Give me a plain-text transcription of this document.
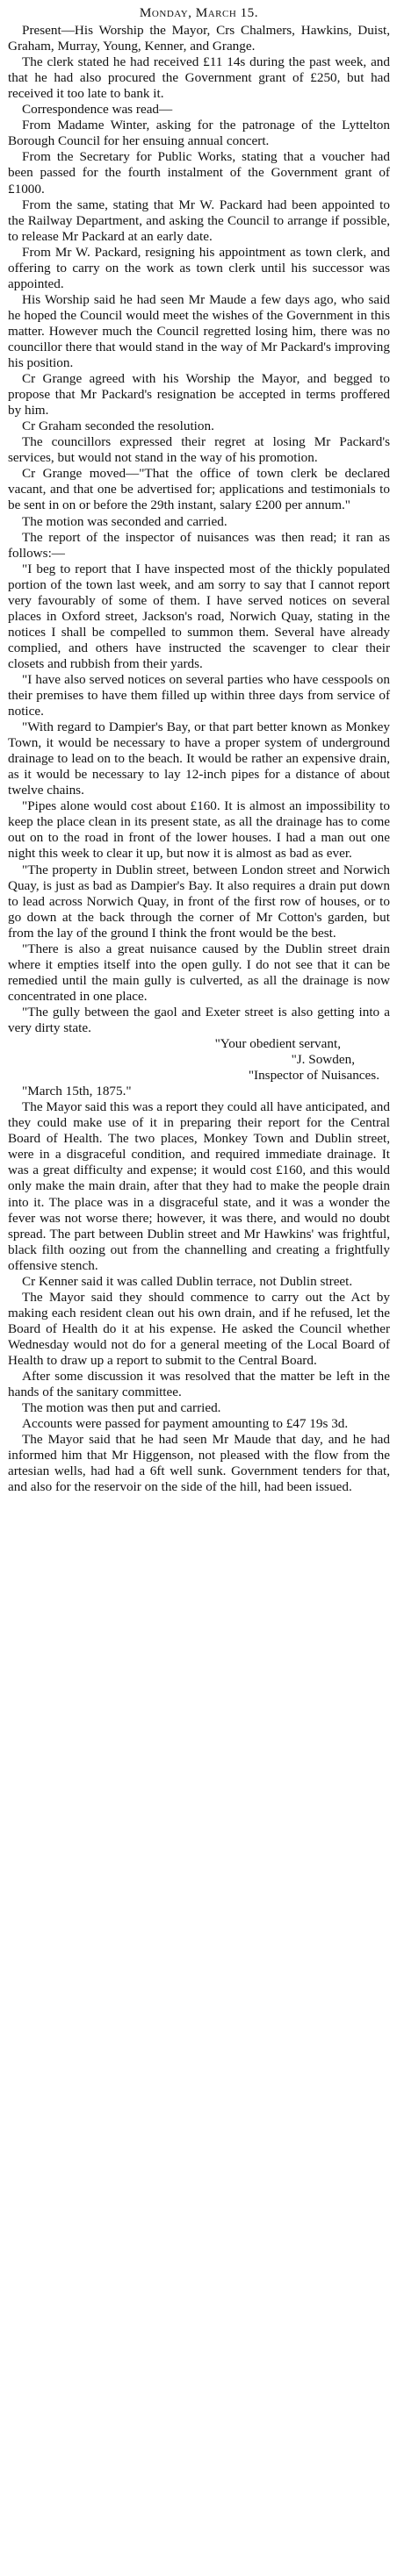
Monday, March 15.

Present—His Worship the Mayor, Crs Chalmers, Hawkins, Duist, Graham, Murray, Young, Kenner, and Grange.

The clerk stated he had received £11 14s during the past week, and that he had also procured the Government grant of £250, but had received it too late to bank it.

Correspondence was read—

From Madame Winter, asking for the patronage of the Lyttelton Borough Council for her ensuing annual concert.

From the Secretary for Public Works, stating that a voucher had been passed for the fourth instalment of the Government grant of £1000.

From the same, stating that Mr W. Packard had been appointed to the Railway Department, and asking the Council to arrange if possible, to release Mr Packard at an early date.

From Mr W. Packard, resigning his appointment as town clerk, and offering to carry on the work as town clerk until his successor was appointed.

His Worship said he had seen Mr Maude a few days ago, who said he hoped the Council would meet the wishes of the Government in this matter. However much the Council regretted losing him, there was no councillor there that would stand in the way of Mr Packard's improving his position.

Cr Grange agreed with his Worship the Mayor, and begged to propose that Mr Packard's resignation be accepted in terms proffered by him.

Cr Graham seconded the resolution.

The councillors expressed their regret at losing Mr Packard's services, but would not stand in the way of his promotion.

Cr Grange moved—"That the office of town clerk be declared vacant, and that one be advertised for; applications and testimonials to be sent in on or before the 29th instant, salary £200 per annum."

The motion was seconded and carried.

The report of the inspector of nuisances was then read; it ran as follows:—

"I beg to report that I have inspected most of the thickly populated portion of the town last week, and am sorry to say that I cannot report very favourably of some of them. I have served notices on several places in Oxford street, Jackson's road, Norwich Quay, stating in the notices I shall be compelled to summon them. Several have already complied, and others have instructed the scavenger to clear their closets and rubbish from their yards.

"I have also served notices on several parties who have cesspools on their premises to have them filled up within three days from service of notice.

"With regard to Dampier's Bay, or that part better known as Monkey Town, it would be necessary to have a proper system of underground drainage to lead on to the beach. It would be rather an expensive drain, as it would be necessary to lay 12-inch pipes for a distance of about twelve chains.

"Pipes alone would cost about £160. It is almost an impossibility to keep the place clean in its present state, as all the drainage has to come out on to the road in front of the lower houses. I had a man out one night this week to clear it up, but now it is almost as bad as ever.

"The property in Dublin street, between London street and Norwich Quay, is just as bad as Dampier's Bay. It also requires a drain put down to lead across Norwich Quay, in front of the first row of houses, or to go down at the back through the corner of Mr Cotton's garden, but from the lay of the ground I think the front would be the best.

"There is also a great nuisance caused by the Dublin street drain where it empties itself into the open gully. I do not see that it can be remedied until the main gully is culverted, as all the drainage is now concentrated in one place.

"The gully between the gaol and Exeter street is also getting into a very dirty state.

"Your obedient servant,

"J. Sowden,

"Inspector of Nuisances.

"March 15th, 1875."

The Mayor said this was a report they could all have anticipated, and they could make use of it in preparing their report for the Central Board of Health. The two places, Monkey Town and Dublin street, were in a disgraceful condition, and required immediate drainage. It was a great difficulty and expense; it would cost £160, and this would only make the main drain, after that they had to make the people drain into it. The place was in a disgraceful state, and it was a wonder the fever was not worse there; however, it was there, and would no doubt spread. The part between Dublin street and Mr Hawkins' was frightful, black filth oozing out from the channelling and creating a frightfully offensive stench.

Cr Kenner said it was called Dublin terrace, not Dublin street.

The Mayor said they should commence to carry out the Act by making each resident clean out his own drain, and if he refused, let the Board of Health do it at his expense. He asked the Council whether Wednesday would not do for a general meeting of the Local Board of Health to draw up a report to submit to the Central Board.

After some discussion it was resolved that the matter be left in the hands of the sanitary committee.

The motion was then put and carried.

Accounts were passed for payment amounting to £47 19s 3d.

The Mayor said that he had seen Mr Maude that day, and he had informed him that Mr Higgenson, not pleased with the flow from the artesian wells, had had a 6ft well sunk. Government tenders for that, and also for the reservoir on the side of the hill, had been issued.
